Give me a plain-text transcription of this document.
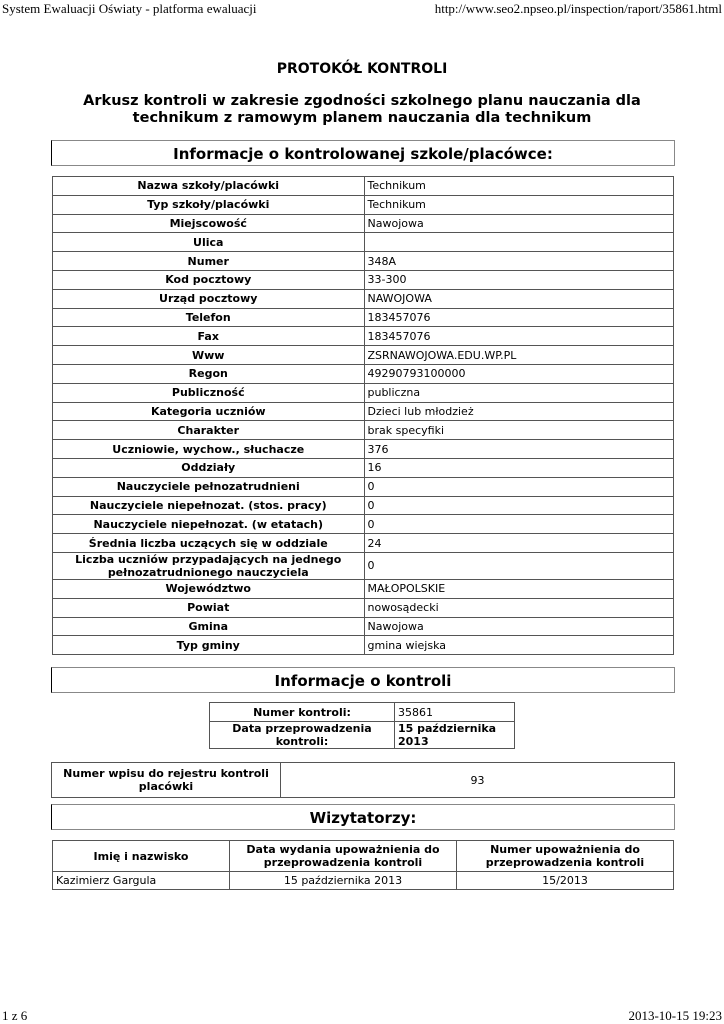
System Ewaluacji Oświaty - platforma ewaluacji	http://www.seo2.npseo.pl/inspection/raport/35861.html
PROTOKÓŁ KONTROLI
Arkusz kontroli w zakresie zgodności szkolnego planu nauczania dla technikum z ramowym planem nauczania dla technikum
Informacje o kontrolowanej szkole/placówce:
Nazwa szkoły/placówki	Technikum
Typ szkoły/placówki	Technikum
Miejscowość	Nawojowa
Ulica	
Numer	348A
Kod pocztowy	33-300
Urząd pocztowy	NAWOJOWA
Telefon	183457076
Fax	183457076
Www	ZSRNAWOJOWA.EDU.WP.PL
Regon	49290793100000
Publiczność	publiczna
Kategoria uczniów	Dzieci lub młodzież
Charakter	brak specyfiki
Uczniowie, wychow., słuchacze	376
Oddziały	16
Nauczyciele pełnozatrudnieni	0
Nauczyciele niepełnozat. (stos. pracy)	0
Nauczyciele niepełnozat. (w etatach)	0
Średnia liczba uczących się w oddziale	24
Liczba uczniów przypadających na jednego pełnozatrudnionego nauczyciela	0
Województwo	MAŁOPOLSKIE
Powiat	nowosądecki
Gmina	Nawojowa
Typ gminy	gmina wiejska
Informacje o kontroli
Numer kontroli:	35861
Data przeprowadzenia kontroli:	15 października 2013
Numer wpisu do rejestru kontroli placówki	93
Wizytatorzy:
Imię i nazwisko	Data wydania upoważnienia do przeprowadzenia kontroli	Numer upoważnienia do przeprowadzenia kontroli
Kazimierz Gargula	15 października 2013	15/2013
1 z 6	2013-10-15 19:23
